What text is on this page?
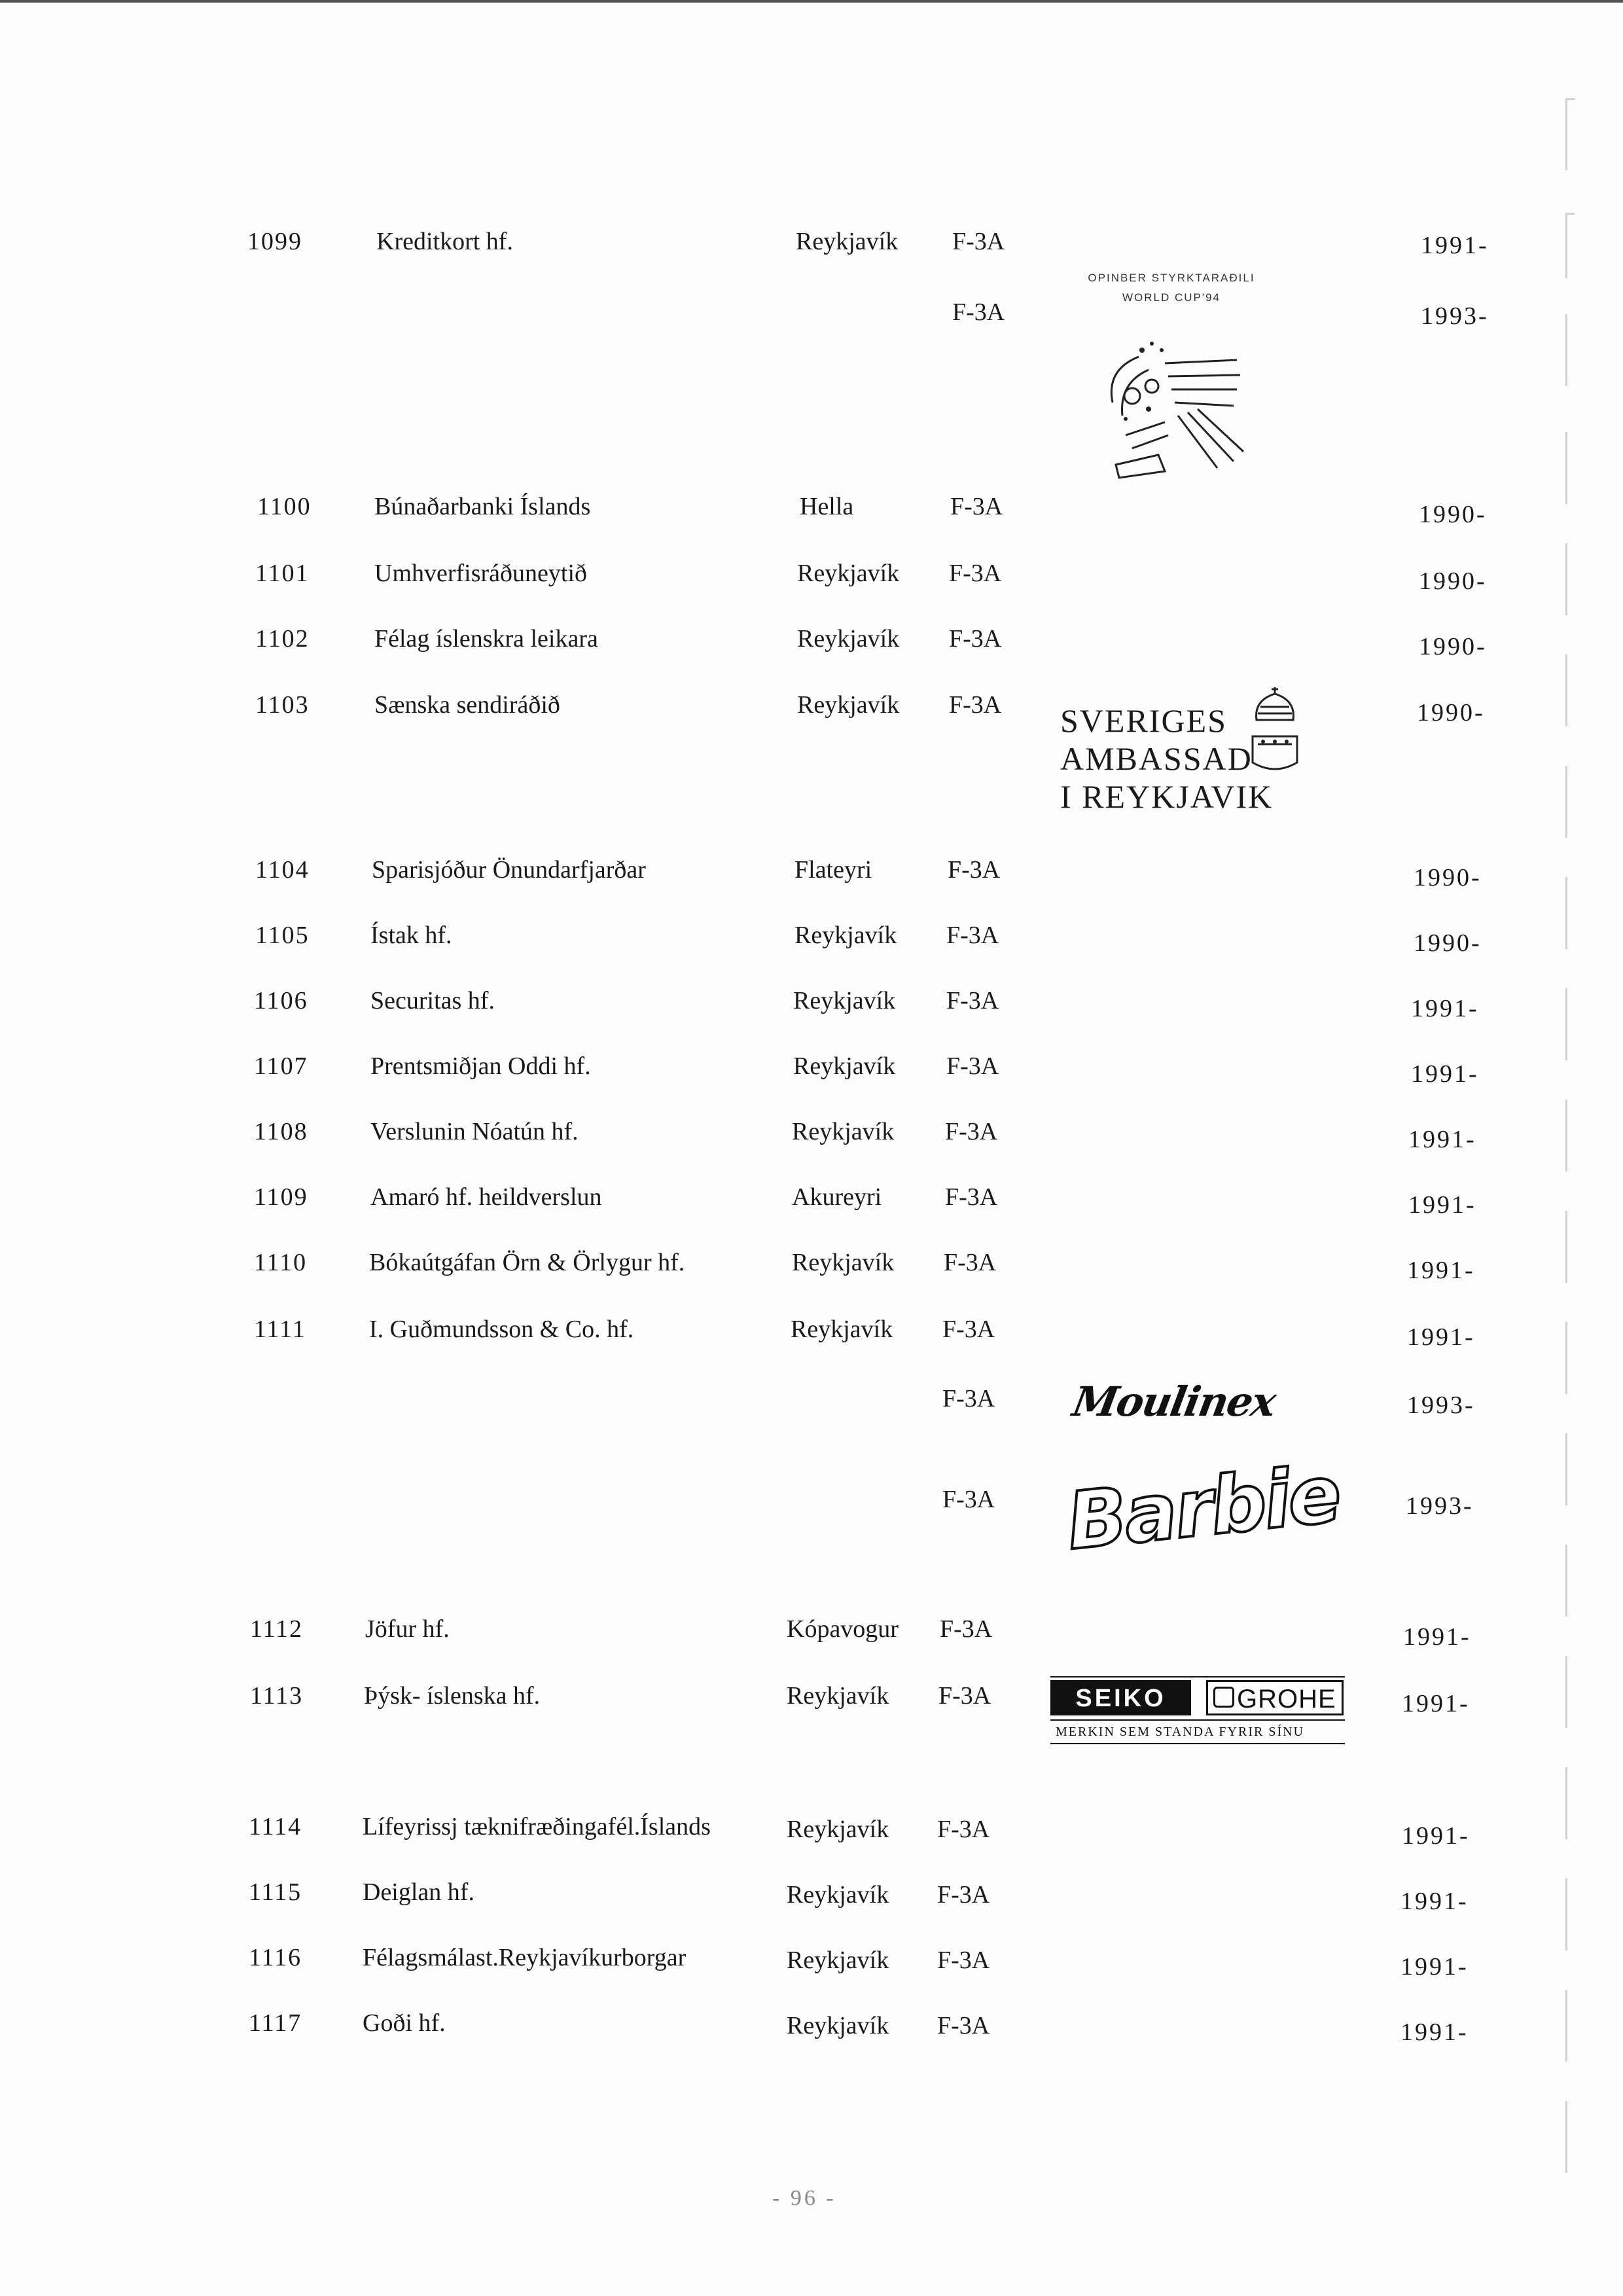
1099	Kreditkort hf.	Reykjavík F-3A	1991-
F-3A	1993-
1100	Búnaðarbanki Íslands	Hella	F-3A	1990-
1101	Umhverfisráðuneytið	Reykjavík F-3A	1990-
1102	Félag íslenskra leikara	Reykjavík F-3A	1990-
1103	Sænska sendiráðið	Reykjavík F-3A	1990-
1104	Sparisjóður Önundarfjarðar	Flateyri	F-3A	1990-
1105 Ístak hf.	Reykjavík F-3A	1990-
1106	Securitas hf.	Reykjavík F-3A	1991-
1107	Prentsmiðjan Oddi hf.	Reykjavík F-3A	1991-
1108	Verslunin Nóatún hf.	Reykjavík F-3A	1991-
1109	Amaró hf. heildverslun	Akureyri	F-3A	1991-
1110 Bókaútgáfan Örn & Örlygur hf.	Reykjavík F-3A	1991-
1111	I. Guðmundsson & Co. hf.	Reykjavík F-3A	1991-
F-3A	1993-
F-3A	1993-
1112 Jöfur hf.	Kópavogur F-3A	1991-
1113 Þýsk- íslenska hf.	Reykjavík F-3A	1991-
1114 Lífeyrissj tæknifræðingafél.Íslands	Reykjavík F-3A	1991-
1115 Deiglan hf.	Reykjavík F-3A	1991-
1116 Félagsmálast.Reykjavíkurborgar	Reykjavík F-3A	1991-
1117 Goði hf.	Reykjavík F-3A	1991-
OPINBER STYRKTARAÐILI
WORLD CUP'94
SVERIGES
AMBASSAD
I REYKJAVIK
Moulinex
Barbie
SEIKO	GROHE
MERKIN SEM STANDA FYRIR SÍNU
- 96 -
